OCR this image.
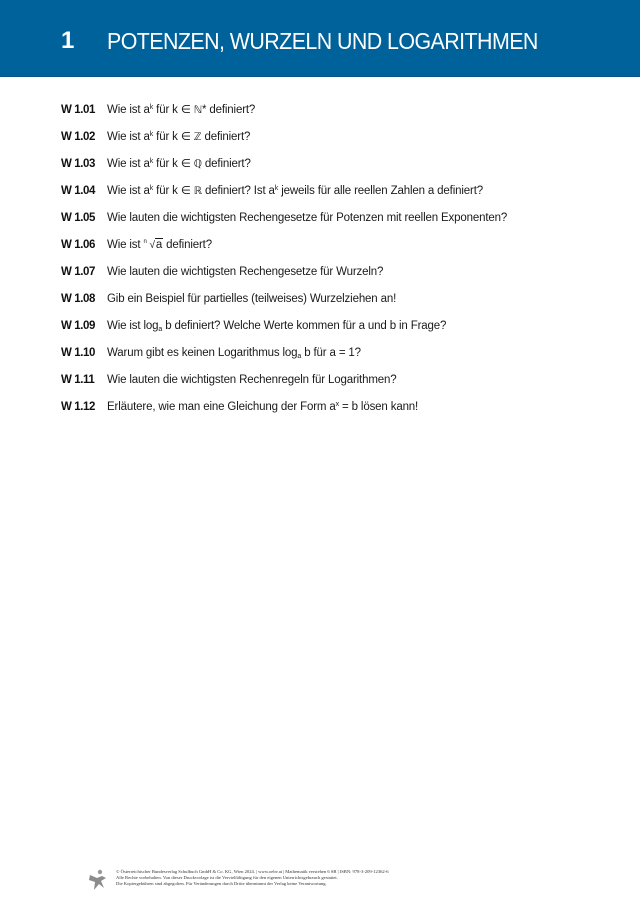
1 POTENZEN, WURZELN UND LOGARITHMEN
W 1.01	Wie ist $a^k$ für k ∈ ℕ* definiert?
W 1.02	Wie ist $a^k$ für k ∈ ℤ definiert?
W 1.03	Wie ist $a^k$ für k ∈ ℚ definiert?
W 1.04	Wie ist $a^k$ für k ∈ ℝ definiert? Ist $a^k$ jeweils für alle reellen Zahlen a definiert?
W 1.05	Wie lauten die wichtigsten Rechengesetze für Potenzen mit reellen Exponenten?
W 1.06	Wie ist n √a definiert?
W 1.07	Wie lauten die wichtigsten Rechengesetze für Wurzeln?
W 1.08	Gib ein Beispiel für partielles (teilweises) Wurzelziehen an!
W 1.09	Wie ist $\log_a b$ definiert? Welche Werte kommen für a und b in Frage?
W 1.10	Warum gibt es keinen Logarithmus $\log_a b$ für a = 1?
W 1.11	Wie lauten die wichtigsten Rechenregeln für Logarithmen?
W 1.12	Erläutere, wie man eine Gleichung der Form $a^x = b$ lösen kann!
© Österreichischer Bundesverlag Schulbuch GmbH & Co. KG, Wien 2024. | www.oebv.at | Mathematik verstehen 6 SB | ISBN: 978-3-209-12362-6
Alle Rechte vorbehalten. Von dieser Druckvorlage ist die Vervielfältigung für den eigenen Unterrichtsgebrauch gestattet.
Die Kopiergebühren sind abgegolten. Für Veränderungen durch Dritte übernimmt der Verlag keine Verantwortung.
